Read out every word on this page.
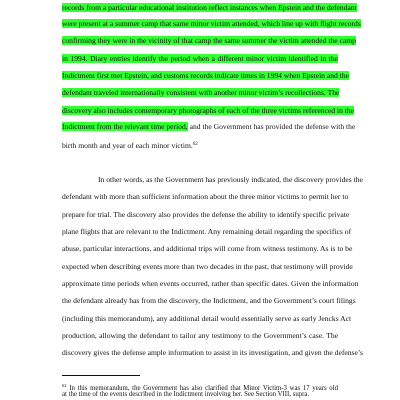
records from a particular educational institution reflect instances when Epstein and the defendant
were present at a summer camp that same minor victim attended, which line up with flight records
confirming they were in the vicinity of that camp the same summer the victim attended the camp
in 1994. Diary entries identify the period when a different minor victim identified in the
Indictment first met Epstein, and customs records indicate times in 1994 when Epstein and the
defendant traveled internationally consistent with another minor victim’s recollections. The
discovery also includes contemporary photographs of each of the three victims referenced in the
Indictment from the relevant time period, and the Government has provided the defense with the
birth month and year of each minor victim.$^{62}$
In other words, as the Government has previously indicated, the discovery provides the
defendant with more than sufficient information about the three minor victims to permit her to
prepare for trial. The discovery also provides the defense the ability to identify specific private
plane flights that are relevant to the Indictment. Any remaining detail regarding the specifics of
abuse, particular interactions, and additional trips will come from witness testimony. As is to be
expected when describing events more than two decades in the past, that testimony will provide
approximate time periods when events occurred, rather than specific dates. Given the information
the defendant already has from the discovery, the Indictment, and the Government’s court filings
(including this memorandum), any additional detail would essentially serve as early Jencks Act
production, allowing the defendant to tailor any testimony to the Government’s case. The
discovery gives the defense ample information to assist in its investigation, and given the defense’s
$^{62}$ In this memorandum, the Government has also clarified that Minor Victim-3 was 17 years old
at the time of the events described in the Indictment involving her. See Section VIII, supra.
